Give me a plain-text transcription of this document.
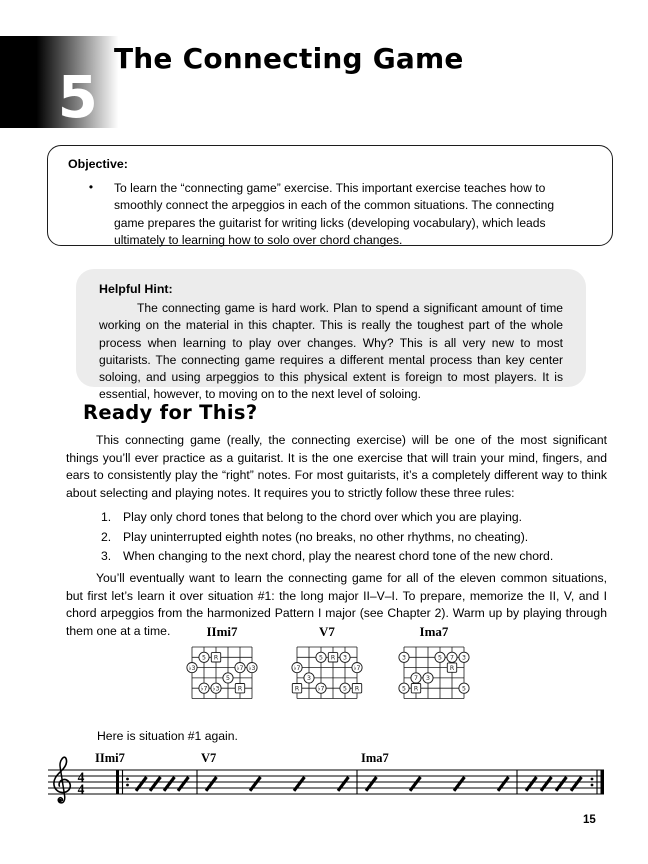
5
The Connecting Game
Objective:
•	To learn the “connecting game” exercise. This important exercise teaches how to smoothly connect the arpeggios in each of the common situations. The connecting game prepares the guitarist for writing licks (developing vocabulary), which leads ultimately to learning how to solo over chord changes.
Helpful Hint:

The connecting game is hard work. Plan to spend a significant amount of time working on the material in this chapter. This is really the toughest part of the whole process when learning to play over changes. Why? This is all very new to most guitarists. The connecting game requires a different mental process than key center soloing, and using arpeggios to this physical extent is foreign to most players. It is essential, however, to moving on to the next level of soloing.

Ready for This?

This connecting game (really, the connecting exercise) will be one of the most significant things you’ll ever practice as a guitarist. It is the one exercise that will train your mind, fingers, and ears to consistently play the “right” notes. For most guitarists, it’s a completely different way to think about selecting and playing notes. It requires you to strictly follow these three rules:

1. Play only chord tones that belong to the chord over which you are playing.
2. Play uninterrupted eighth notes (no breaks, no other rhythms, no cheating).
3. When changing to the next chord, play the nearest chord tone of the new chord.

You’ll eventually want to learn the connecting game for all of the eleven common situations, but first let’s learn it over situation #1: the long major II–V–I. To prepare, memorize the II, V, and I chord arpeggios from the harmonized Pattern I major (see Chapter 2). Warm up by playing through them one at a time.	IImi7
5 R
♭3	♭7 ♭3
5
♭7 ♭3	R
V7
5 R 3
♭7	♭7
3
R	♭7	5 R
Ima7
3	5 7 3
R
7 3
5 R	5
Here is situation #1 again.
4
4
IImi7	V7	Ima7
15
